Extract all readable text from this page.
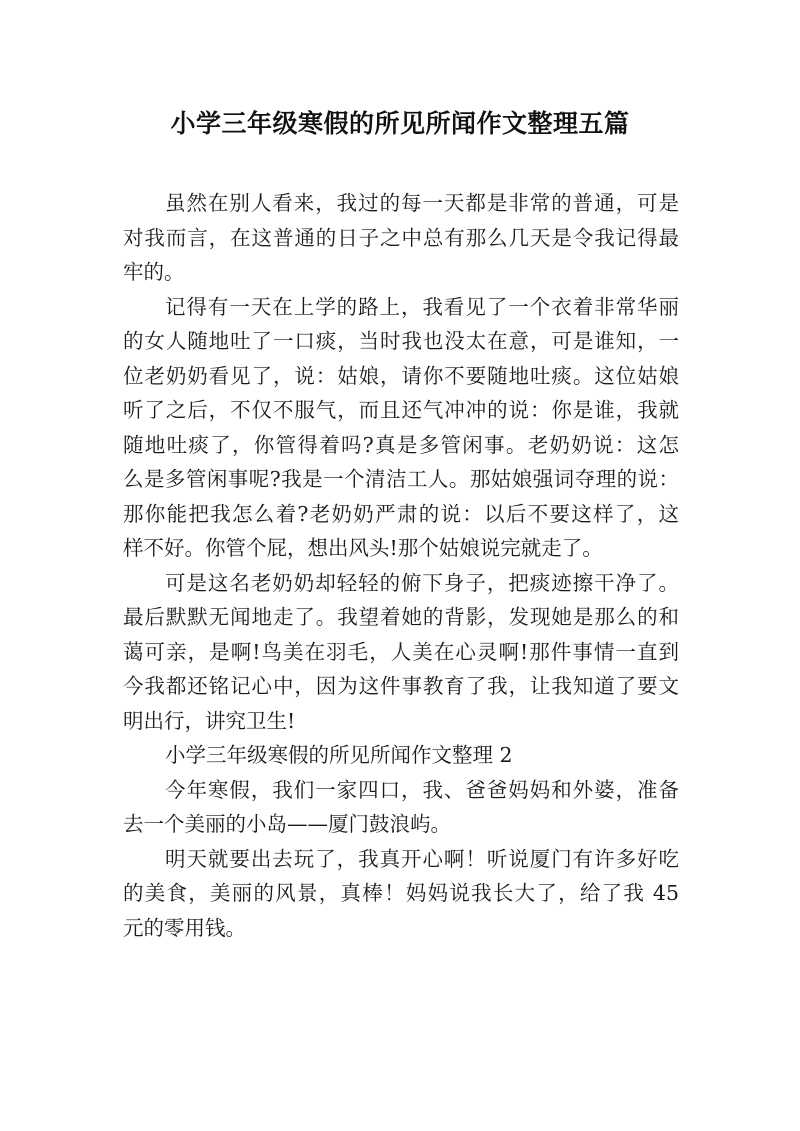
小学三年级寒假的所见所闻作文整理五篇
虽然在别人看来，我过的每一天都是非常的普通，可是
对我而言，在这普通的日子之中总有那么几天是令我记得最
牢的。
记得有一天在上学的路上，我看见了一个衣着非常华丽
的女人随地吐了一口痰，当时我也没太在意，可是谁知，一
位老奶奶看见了，说：姑娘，请你不要随地吐痰。这位姑娘
听了之后，不仅不服气，而且还气冲冲的说：你是谁，我就
随地吐痰了，你管得着吗?真是多管闲事。老奶奶说：这怎
么是多管闲事呢?我是一个清洁工人。那姑娘强词夺理的说：
那你能把我怎么着?老奶奶严肃的说：以后不要这样了，这
样不好。你管个屁，想出风头!那个姑娘说完就走了。
可是这名老奶奶却轻轻的俯下身子，把痰迹擦干净了。
最后默默无闻地走了。我望着她的背影，发现她是那么的和
蔼可亲，是啊!鸟美在羽毛，人美在心灵啊!那件事情一直到
今我都还铭记心中，因为这件事教育了我，让我知道了要文
明出行，讲究卫生!
小学三年级寒假的所见所闻作文整理 2
今年寒假，我们一家四口，我、爸爸妈妈和外婆，准备
去一个美丽的小岛——厦门鼓浪屿。
明天就要出去玩了，我真开心啊！听说厦门有许多好吃
的美食，美丽的风景，真棒！妈妈说我长大了，给了我 45
元的零用钱。
